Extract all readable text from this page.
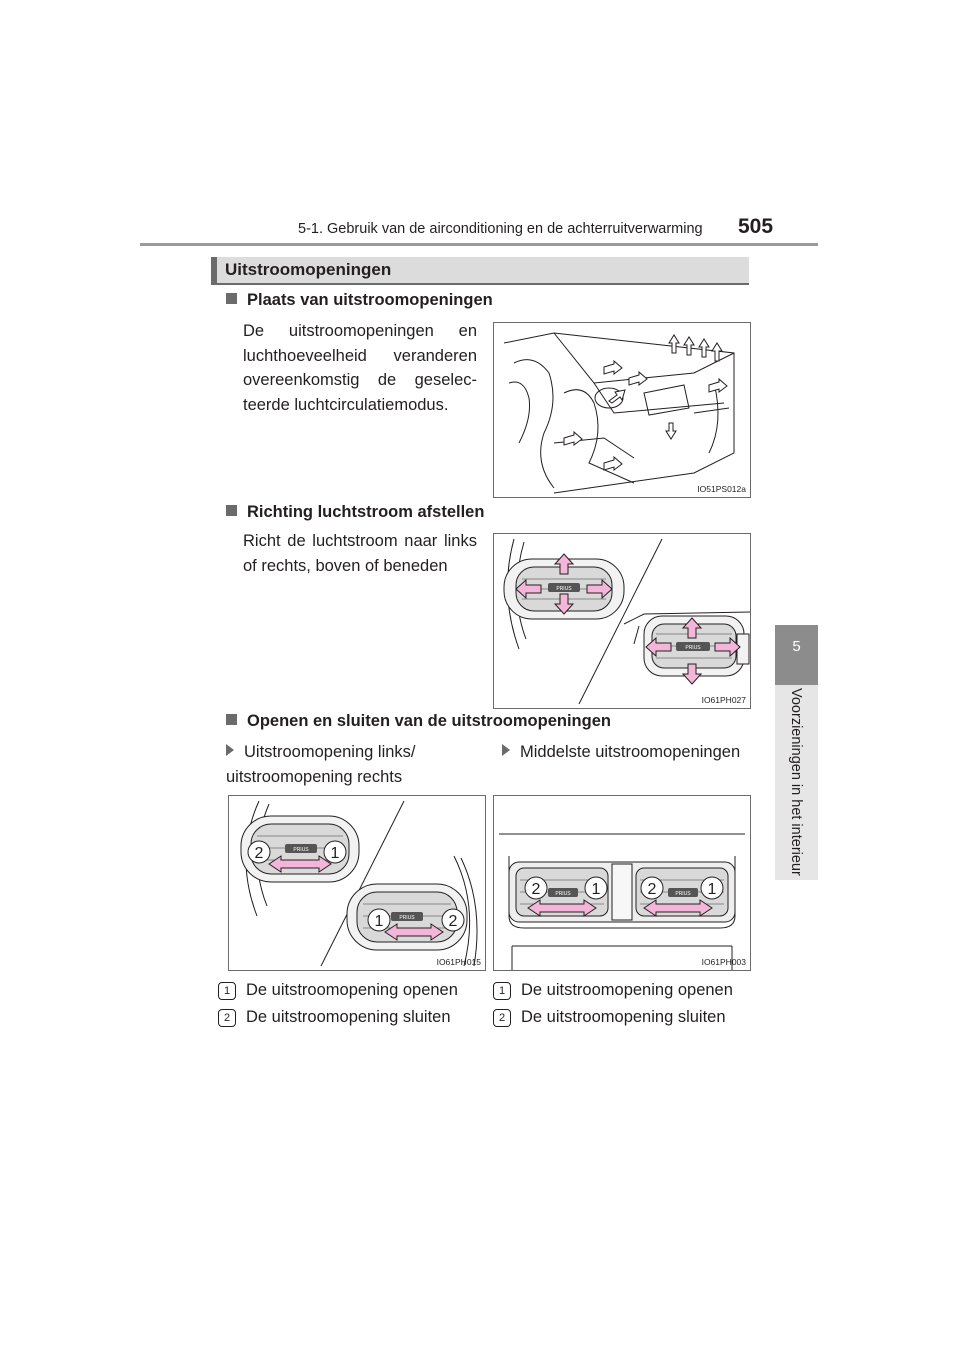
5-1. Gebruik van de airconditioning en de achterruitverwarming 505
5
Voorzieningen in het interieur
Uitstroomopeningen
Plaats van uitstroomopeningen
De uitstroomopeningen en luchthoeveelheid veranderen overeenkomstig de geselec-teerde luchtcirculatiemodus.
IO51PS012a
Richting luchtstroom afstellen
Richt de luchtstroom naar links of rechts, boven of beneden
PRIUS
PRIUS
IO61PH027
Openen en sluiten van de uitstroomopeningen
Uitstroomopening links/ uitstroomopening rechts
Middelste uitstroomopeningen
PRIUS
PRIUS
2	1
1	2
IO61PH015
PRIUS	PRIUS
2	1	2	1
IO61PH003
1 De uitstroomopening openen
2 De uitstroomopening sluiten
1 De uitstroomopening openen
2 De uitstroomopening sluiten
